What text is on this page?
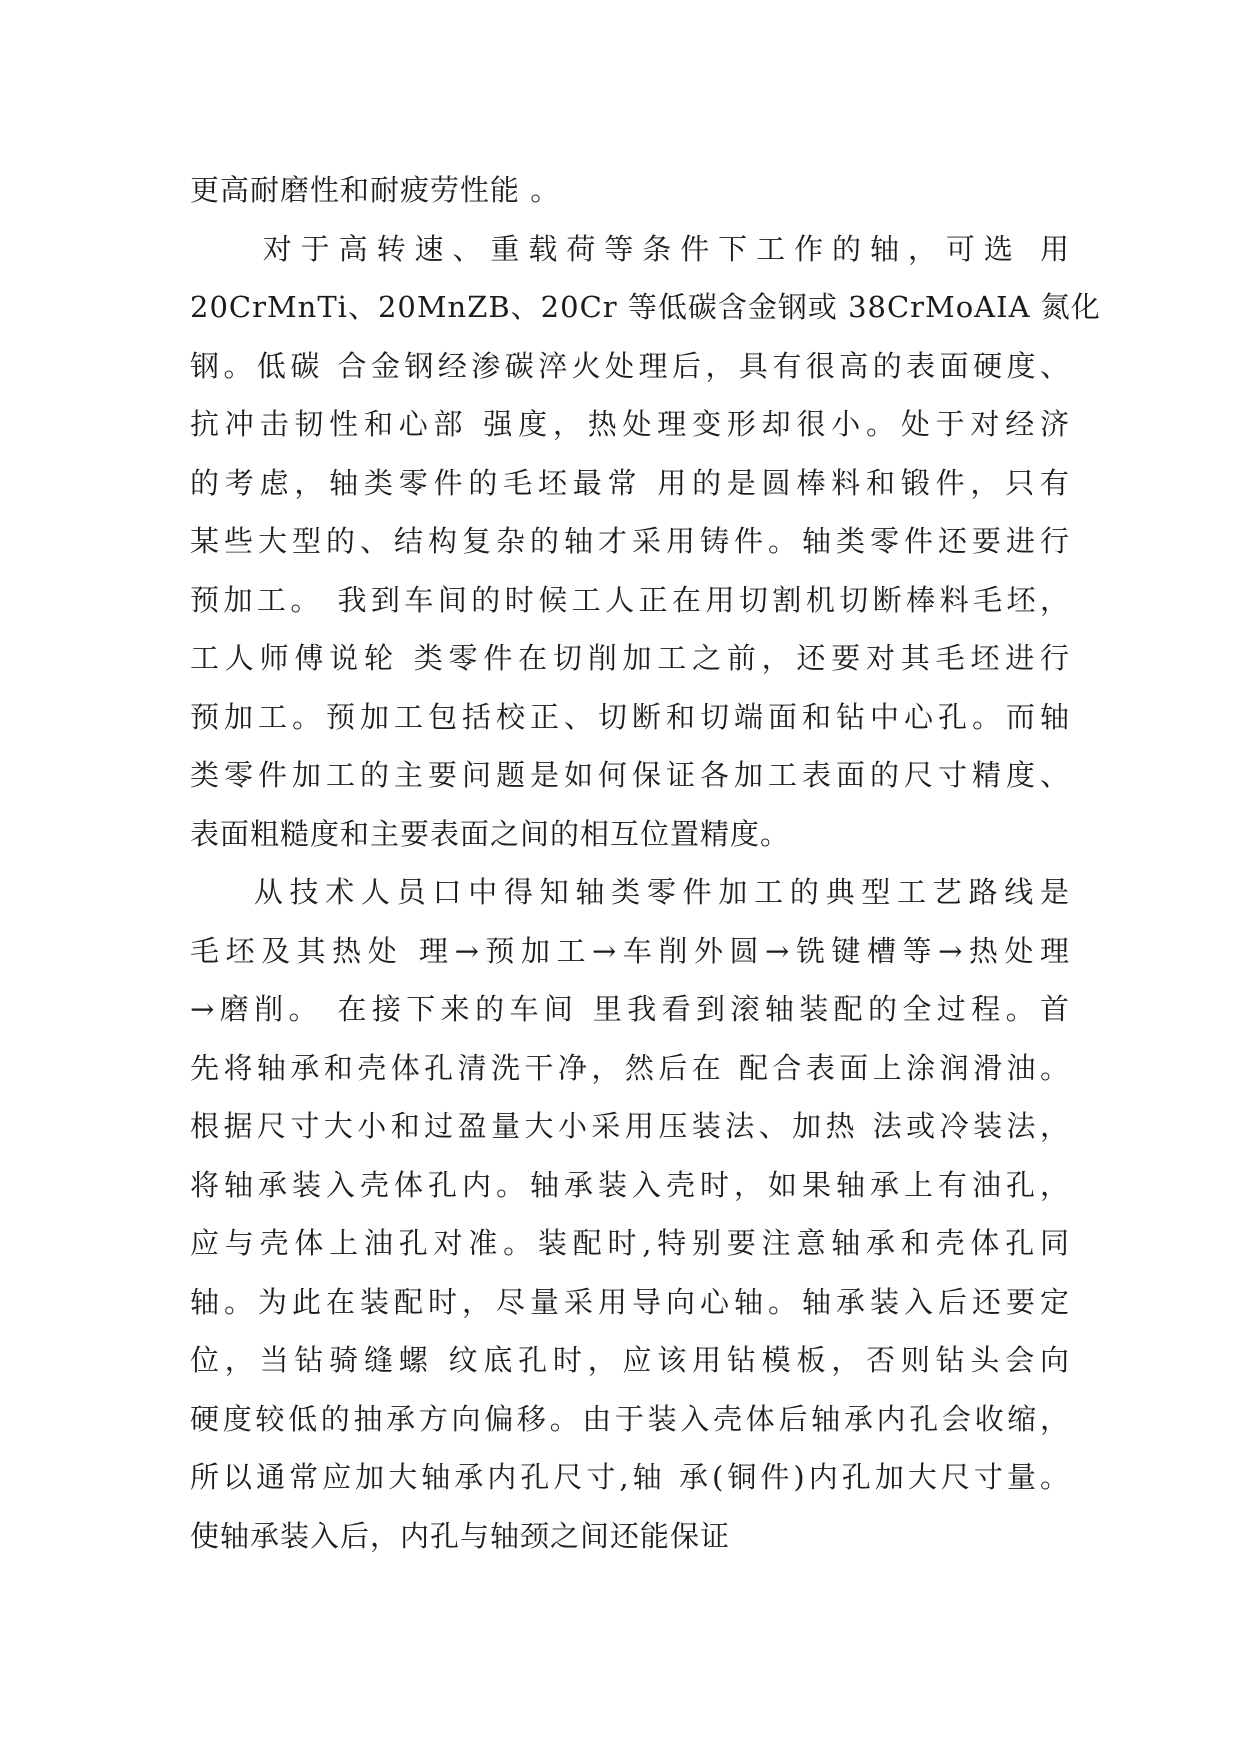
更高耐磨性和耐疲劳性能 。
对于高转速、重载荷等条件下工作的轴，可选 用
20CrMnTi、20MnZB、20Cr 等低碳含金钢或 38CrMoAIA 氮化
钢。低碳 合金钢经渗碳淬火处理后，具有很高的表面硬度、
抗冲击韧性和心部 强度，热处理变形却很小。处于对经济
的考虑，轴类零件的毛坯最常 用的是圆棒料和锻件，只有
某些大型的、结构复杂的轴才采用铸件。轴类零件还要进行
预加工。 我到车间的时候工人正在用切割机切断棒料毛坯，
工人师傅说轮 类零件在切削加工之前，还要对其毛坯进行
预加工。预加工包括校正、切断和切端面和钻中心孔。而轴
类零件加工的主要问题是如何保证各加工表面的尺寸精度、
表面粗糙度和主要表面之间的相互位置精度。
从技术人员口中得知轴类零件加工的典型工艺路线是
毛坯及其热处 理→预加工→车削外圆→铣键槽等→热处理
→磨削。 在接下来的车间 里我看到滚轴装配的全过程。首
先将轴承和壳体孔清洗干净，然后在 配合表面上涂润滑油。
根据尺寸大小和过盈量大小采用压装法、加热 法或冷装法，
将轴承装入壳体孔内。轴承装入壳时，如果轴承上有油孔，
应与壳体上油孔对准。装配时,特别要注意轴承和壳体孔同
轴。为此在装配时，尽量采用导向心轴。轴承装入后还要定
位，当钻骑缝螺 纹底孔时，应该用钻模板，否则钻头会向
硬度较低的抽承方向偏移。由于装入壳体后轴承内孔会收缩，
所以通常应加大轴承内孔尺寸,轴 承(铜件)内孔加大尺寸量。
使轴承装入后，内孔与轴颈之间还能保证
